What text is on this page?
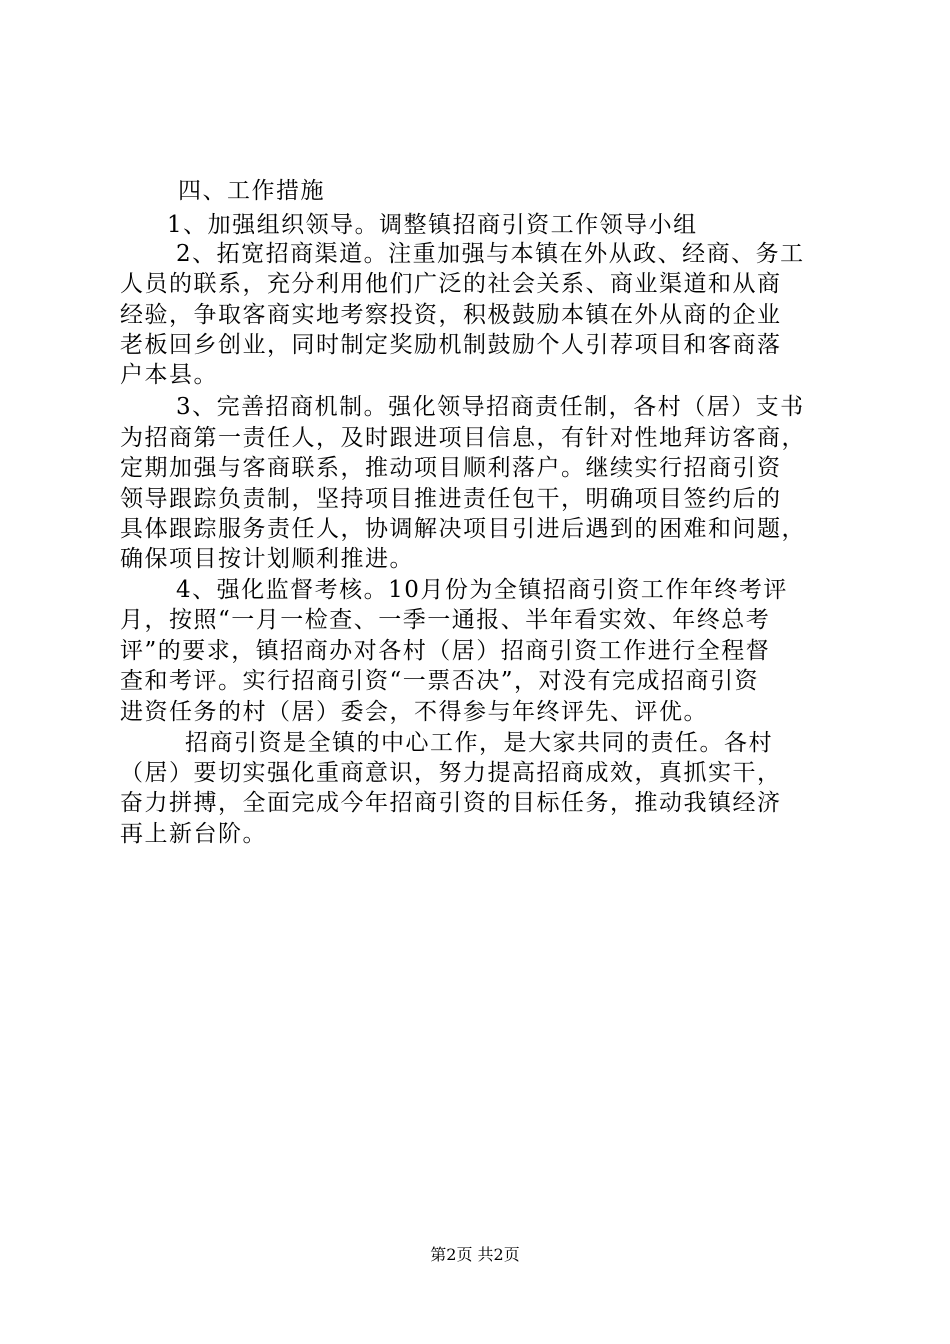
四、工作措施
1、加强组织领导。调整镇招商引资工作领导小组
2、拓宽招商渠道。注重加强与本镇在外从政、经商、务工
人员的联系，充分利用他们广泛的社会关系、商业渠道和从商
经验，争取客商实地考察投资，积极鼓励本镇在外从商的企业
老板回乡创业，同时制定奖励机制鼓励个人引荐项目和客商落
户本县。
3、完善招商机制。强化领导招商责任制，各村（居）支书
为招商第一责任人，及时跟进项目信息，有针对性地拜访客商，
定期加强与客商联系，推动项目顺利落户。继续实行招商引资
领导跟踪负责制，坚持项目推进责任包干，明确项目签约后的
具体跟踪服务责任人，协调解决项目引进后遇到的困难和问题，
确保项目按计划顺利推进。
4、强化监督考核。10月份为全镇招商引资工作年终考评
月，按照“一月一检查、一季一通报、半年看实效、年终总考
评”的要求，镇招商办对各村（居）招商引资工作进行全程督
查和考评。实行招商引资“一票否决”，对没有完成招商引资
进资任务的村（居）委会，不得参与年终评先、评优。
招商引资是全镇的中心工作，是大家共同的责任。各村
（居）要切实强化重商意识，努力提高招商成效，真抓实干，
奋力拼搏，全面完成今年招商引资的目标任务，推动我镇经济
再上新台阶。
第2页 共2页
